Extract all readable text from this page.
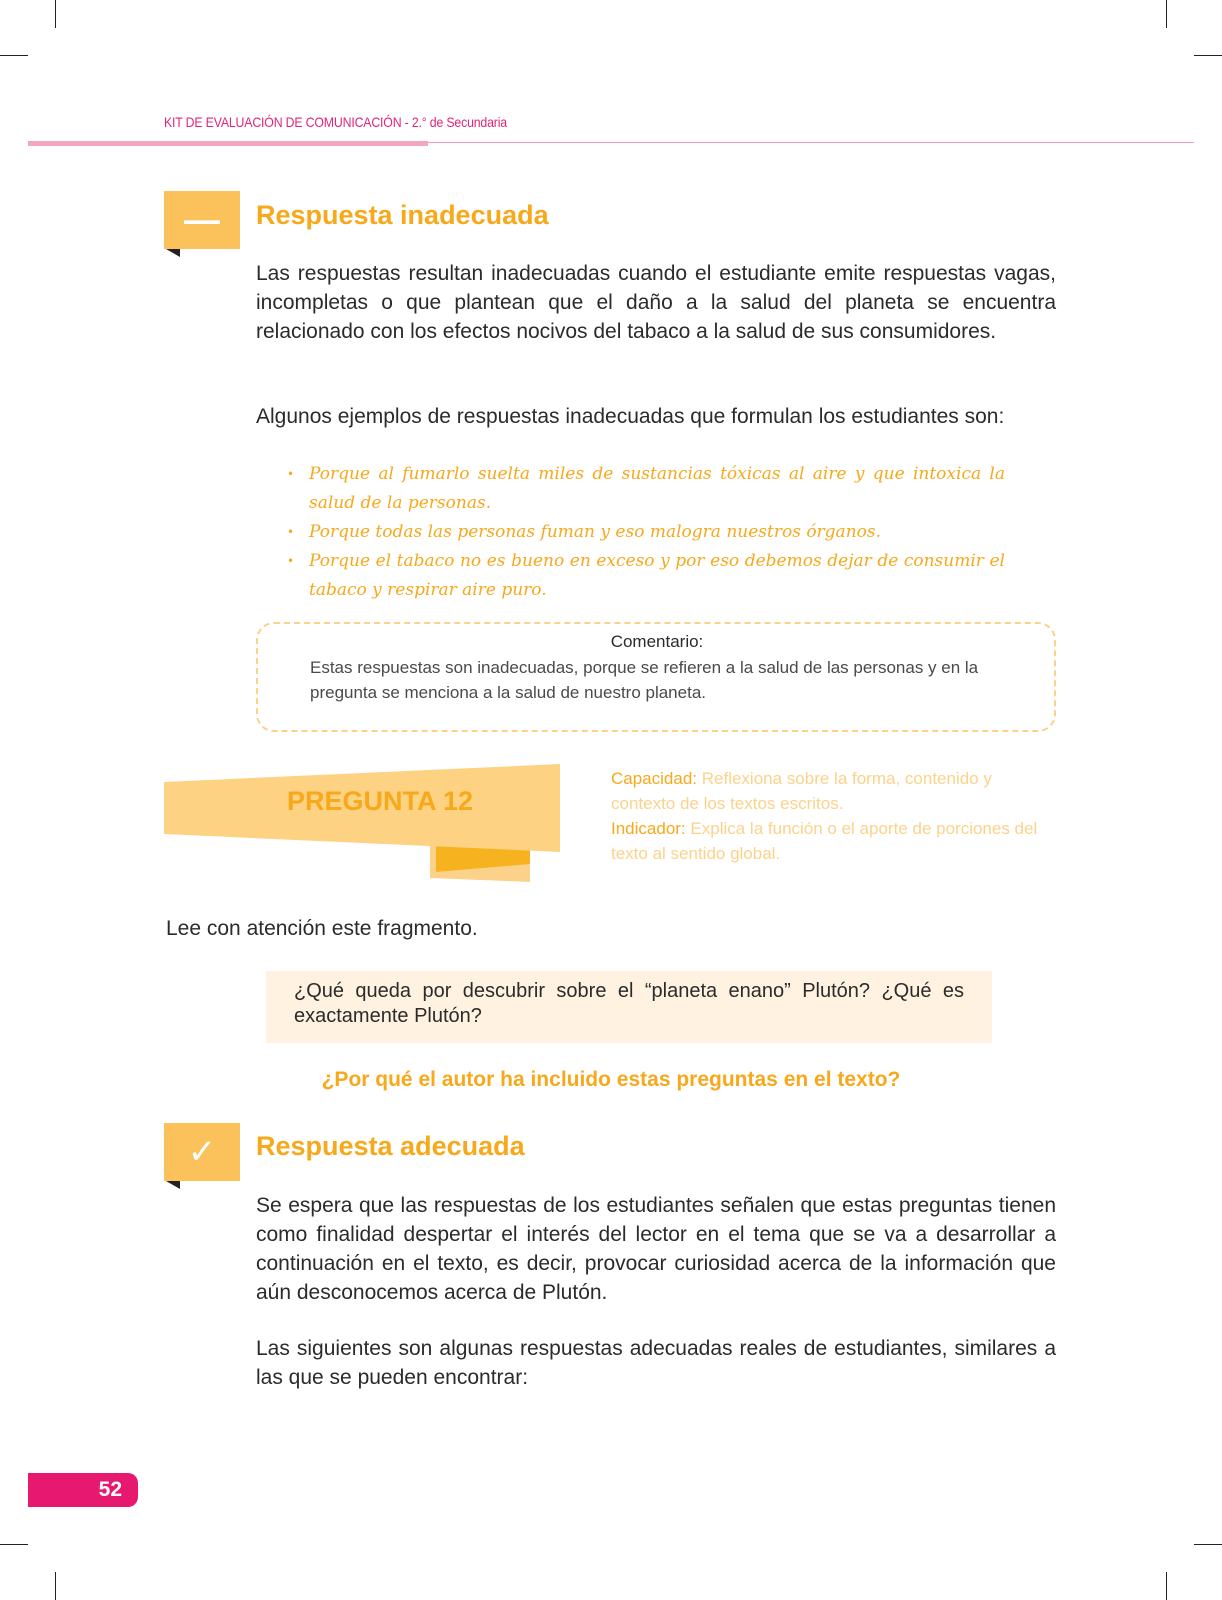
KIT DE EVALUACIÓN DE COMUNICACIÓN - 2.° de Secundaria
— Respuesta inadecuada
Las respuestas resultan inadecuadas cuando el estudiante emite respuestas vagas, incompletas o que plantean que el daño a la salud del planeta se encuentra relacionado con los efectos nocivos del tabaco a la salud de sus consumidores.
Algunos ejemplos de respuestas inadecuadas que formulan los estudiantes son:
• Porque al fumarlo suelta miles de sustancias tóxicas al aire y que intoxica la salud de la personas.
• Porque todas las personas fuman y eso malogra nuestros órganos.
• Porque el tabaco no es bueno en exceso y por eso debemos dejar de consumir el tabaco y respirar aire puro.
Comentario:
Estas respuestas son inadecuadas, porque se refieren a la salud de las personas y en la pregunta se menciona a la salud de nuestro planeta.
PREGUNTA 12
Capacidad: Reflexiona sobre la forma, contenido y contexto de los textos escritos.
Indicador: Explica la función o el aporte de porciones del texto al sentido global.
Lee con atención este fragmento.
¿Qué queda por descubrir sobre el “planeta enano” Plutón? ¿Qué es exactamente Plutón?
¿Por qué el autor ha incluido estas preguntas en el texto?
✓ Respuesta adecuada
Se espera que las respuestas de los estudiantes señalen que estas preguntas tienen como finalidad despertar el interés del lector en el tema que se va a desarrollar a continuación en el texto, es decir, provocar curiosidad acerca de la información que aún desconocemos acerca de Plutón.
Las siguientes son algunas respuestas adecuadas reales de estudiantes, similares a las que se pueden encontrar:
52
